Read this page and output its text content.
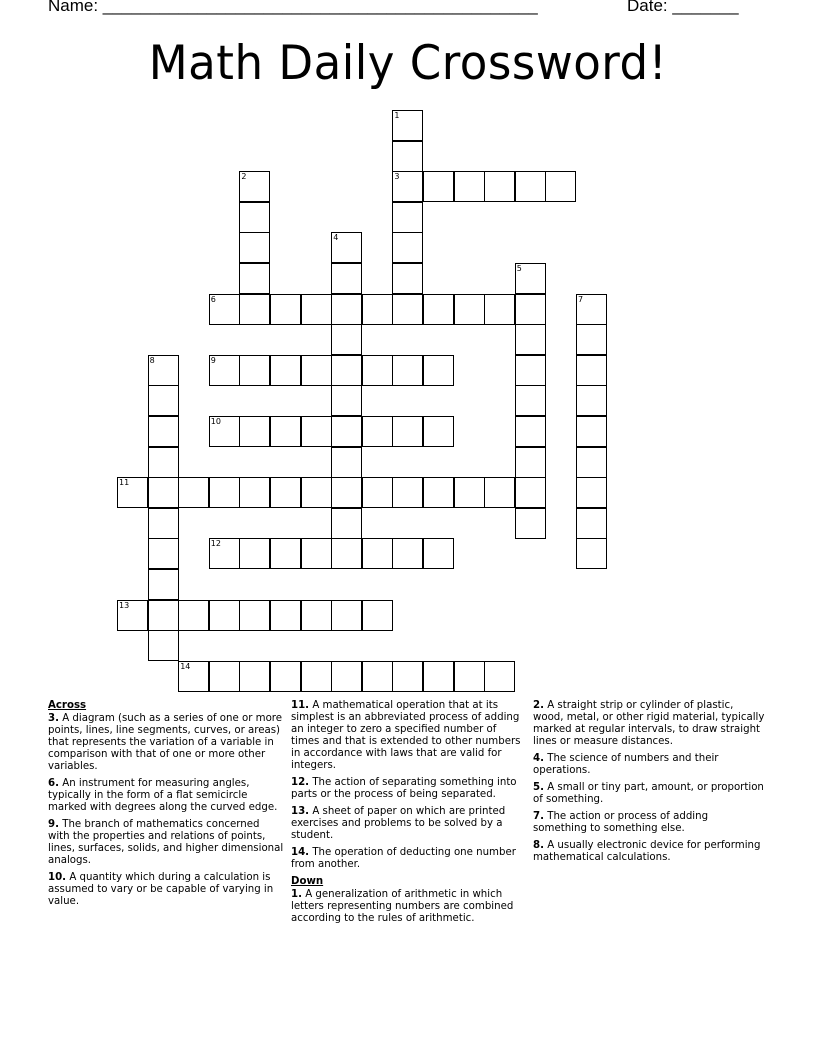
Name: ______________________________________________	Date: _______
Math Daily Crossword!
1
3
2
4
5
6	7
8	9
10
11
12
13
14
Across
3. A diagram (such as a series of one or more points, lines, line segments, curves, or areas) that represents the variation of a variable in comparison with that of one or more other variables.
6. An instrument for measuring angles, typically in the form of a flat semicircle marked with degrees along the curved edge.
9. The branch of mathematics concerned with the properties and relations of points, lines, surfaces, solids, and higher dimensional analogs.
10. A quantity which during a calculation is assumed to vary or be capable of varying in value.
11. A mathematical operation that at its simplest is an abbreviated process of adding an integer to zero a specified number of times and that is extended to other numbers in accordance with laws that are valid for integers.
12. The action of separating something into parts or the process of being separated.
13. A sheet of paper on which are printed exercises and problems to be solved by a student.
14. The operation of deducting one number from another.
Down
1. A generalization of arithmetic in which letters representing numbers are combined according to the rules of arithmetic.
2. A straight strip or cylinder of plastic, wood, metal, or other rigid material, typically marked at regular intervals, to draw straight lines or measure distances.
4. The science of numbers and their operations.
5. A small or tiny part, amount, or proportion of something.
7. The action or process of adding something to something else.
8. A usually electronic device for performing mathematical calculations.
